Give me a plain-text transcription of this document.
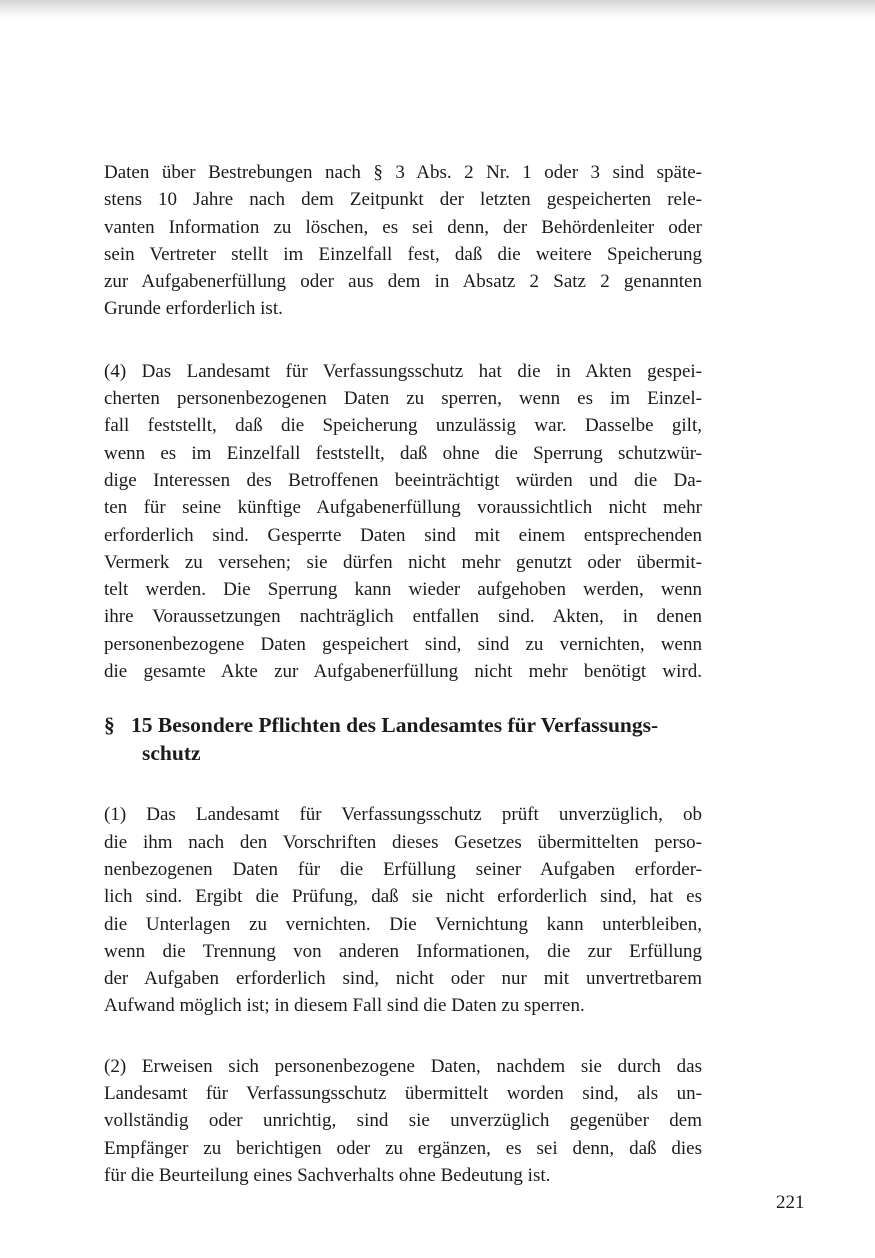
Daten über Bestrebungen nach § 3 Abs. 2 Nr. 1 oder 3 sind späte-
stens 10 Jahre nach dem Zeitpunkt der letzten gespeicherten rele-
vanten Information zu löschen, es sei denn, der Behördenleiter oder
sein Vertreter stellt im Einzelfall fest, daß die weitere Speicherung
zur Aufgabenerfüllung oder aus dem in Absatz 2 Satz 2 genannten
Grunde erforderlich ist.
(4) Das Landesamt für Verfassungsschutz hat die in Akten gespei-
cherten personenbezogenen Daten zu sperren, wenn es im Einzel-
fall feststellt, daß die Speicherung unzulässig war. Dasselbe gilt,
wenn es im Einzelfall feststellt, daß ohne die Sperrung schutzwür-
dige Interessen des Betroffenen beeinträchtigt würden und die Da-
ten für seine künftige Aufgabenerfüllung voraussichtlich nicht mehr
erforderlich sind. Gesperrte Daten sind mit einem entsprechenden
Vermerk zu versehen; sie dürfen nicht mehr genutzt oder übermit-
telt werden. Die Sperrung kann wieder aufgehoben werden, wenn
ihre Voraussetzungen nachträglich entfallen sind. Akten, in denen
personenbezogene Daten gespeichert sind, sind zu vernichten, wenn
die gesamte Akte zur Aufgabenerfüllung nicht mehr benötigt wird.
§ 15 Besondere Pflichten des Landesamtes für Verfassungs-
schutz
(1) Das Landesamt für Verfassungsschutz prüft unverzüglich, ob
die ihm nach den Vorschriften dieses Gesetzes übermittelten perso-
nenbezogenen Daten für die Erfüllung seiner Aufgaben erforder-
lich sind. Ergibt die Prüfung, daß sie nicht erforderlich sind, hat es
die Unterlagen zu vernichten. Die Vernichtung kann unterbleiben,
wenn die Trennung von anderen Informationen, die zur Erfüllung
der Aufgaben erforderlich sind, nicht oder nur mit unvertretbarem
Aufwand möglich ist; in diesem Fall sind die Daten zu sperren.
(2) Erweisen sich personenbezogene Daten, nachdem sie durch das
Landesamt für Verfassungsschutz übermittelt worden sind, als un-
vollständig oder unrichtig, sind sie unverzüglich gegenüber dem
Empfänger zu berichtigen oder zu ergänzen, es sei denn, daß dies
für die Beurteilung eines Sachverhalts ohne Bedeutung ist.
221
